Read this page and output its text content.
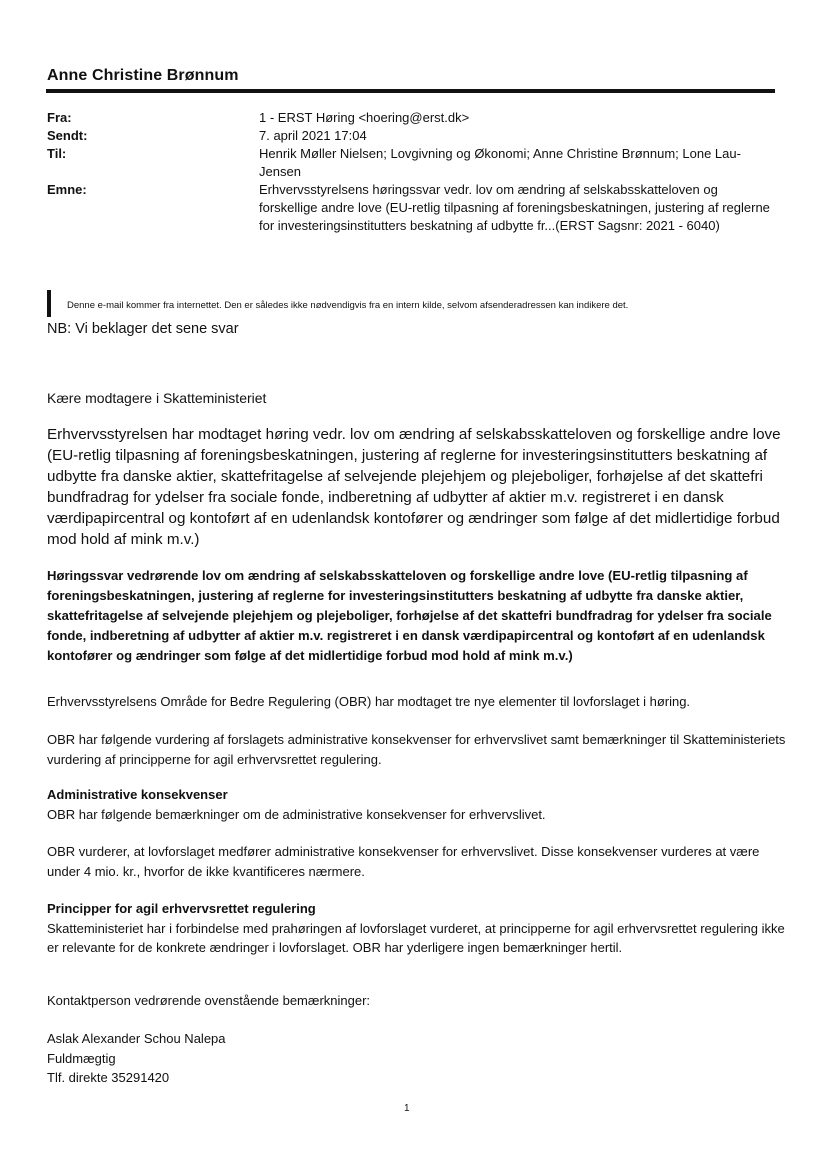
Anne Christine Brønnum
Fra:	1 - ERST Høring <hoering@erst.dk>
Sendt:	7. april 2021 17:04
Til:	Henrik Møller Nielsen; Lovgivning og Økonomi; Anne Christine Brønnum; Lone Lau-Jensen
Emne:	Erhvervsstyrelsens høringssvar vedr. lov om ændring af selskabsskatteloven og forskellige andre love (EU-retlig tilpasning af foreningsbeskatningen, justering af reglerne for investeringsinstitutters beskatning af udbytte fr...(ERST Sagsnr: 2021 - 6040)
Denne e-mail kommer fra internettet. Den er således ikke nødvendigvis fra en intern kilde, selvom afsenderadressen kan indikere det.
NB: Vi beklager det sene svar
Kære modtagere i Skatteministeriet
Erhvervsstyrelsen har modtaget høring vedr. lov om ændring af selskabsskatteloven og forskellige andre love (EU-retlig tilpasning af foreningsbeskatningen, justering af reglerne for investeringsinstitutters beskatning af udbytte fra danske aktier, skattefritagelse af selvejende plejehjem og plejeboliger, forhøjelse af det skattefri bundfradrag for ydelser fra sociale fonde, indberetning af udbytter af aktier m.v. registreret i en dansk værdipapircentral og kontoført af en udenlandsk kontofører og ændringer som følge af det midlertidige forbud mod hold af mink m.v.)
Høringssvar vedrørende lov om ændring af selskabsskatteloven og forskellige andre love (EU-retlig tilpasning af foreningsbeskatningen, justering af reglerne for investeringsinstitutters beskatning af udbytte fra danske aktier, skattefritagelse af selvejende plejehjem og plejeboliger, forhøjelse af det skattefri bundfradrag for ydelser fra sociale fonde, indberetning af udbytter af aktier m.v. registreret i en dansk værdipapircentral og kontoført af en udenlandsk kontofører og ændringer som følge af det midlertidige forbud mod hold af mink m.v.)
Erhvervsstyrelsens Område for Bedre Regulering (OBR) har modtaget tre nye elementer til lovforslaget i høring.
OBR har følgende vurdering af forslagets administrative konsekvenser for erhvervslivet samt bemærkninger til Skatteministeriets vurdering af principperne for agil erhvervsrettet regulering.
Administrative konsekvenser
OBR har følgende bemærkninger om de administrative konsekvenser for erhvervslivet.
OBR vurderer, at lovforslaget medfører administrative konsekvenser for erhvervslivet. Disse konsekvenser vurderes at være under 4 mio. kr., hvorfor de ikke kvantificeres nærmere.
Principper for agil erhvervsrettet regulering
Skatteministeriet har i forbindelse med prahøringen af lovforslaget vurderet, at principperne for agil erhvervsrettet regulering ikke er relevante for de konkrete ændringer i lovforslaget. OBR har yderligere ingen bemærkninger hertil.
Kontaktperson vedrørende ovenstående bemærkninger:
Aslak Alexander Schou Nalepa
Fuldmægtig
Tlf. direkte 35291420
1
